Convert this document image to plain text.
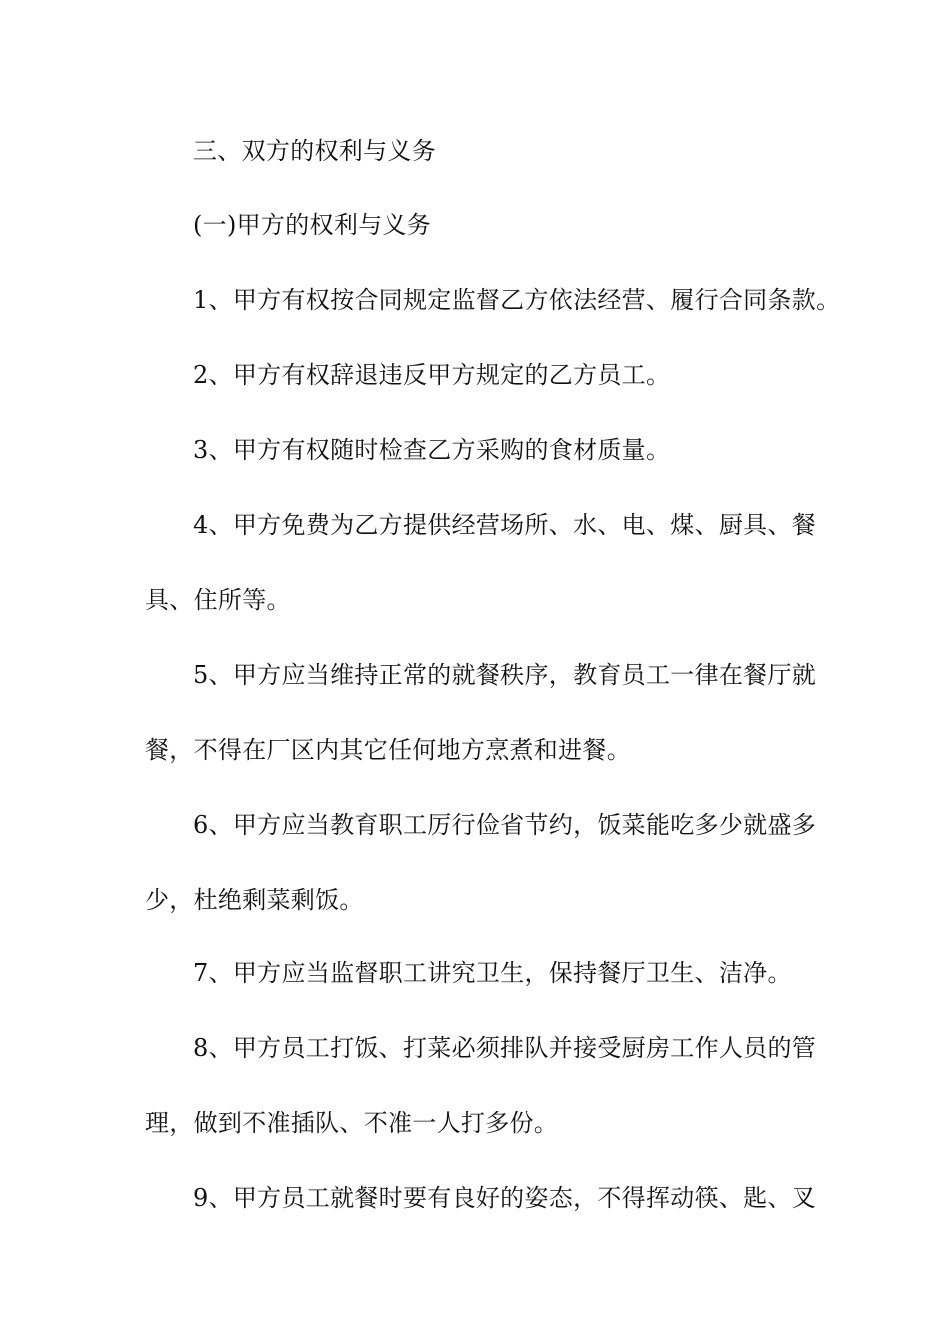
三、双方的权利与义务
(一)甲方的权利与义务
1、甲方有权按合同规定监督乙方依法经营、履行合同条款。
2、甲方有权辞退违反甲方规定的乙方员工。
3、甲方有权随时检查乙方采购的食材质量。
4、甲方免费为乙方提供经营场所、水、电、煤、厨具、餐
具、住所等。
5、甲方应当维持正常的就餐秩序，教育员工一律在餐厅就
餐，不得在厂区内其它任何地方烹煮和进餐。
6、甲方应当教育职工厉行俭省节约，饭菜能吃多少就盛多
少，杜绝剩菜剩饭。
7、甲方应当监督职工讲究卫生，保持餐厅卫生、洁净。
8、甲方员工打饭、打菜必须排队并接受厨房工作人员的管
理，做到不准插队、不准一人打多份。
9、甲方员工就餐时要有良好的姿态，不得挥动筷、匙、叉
